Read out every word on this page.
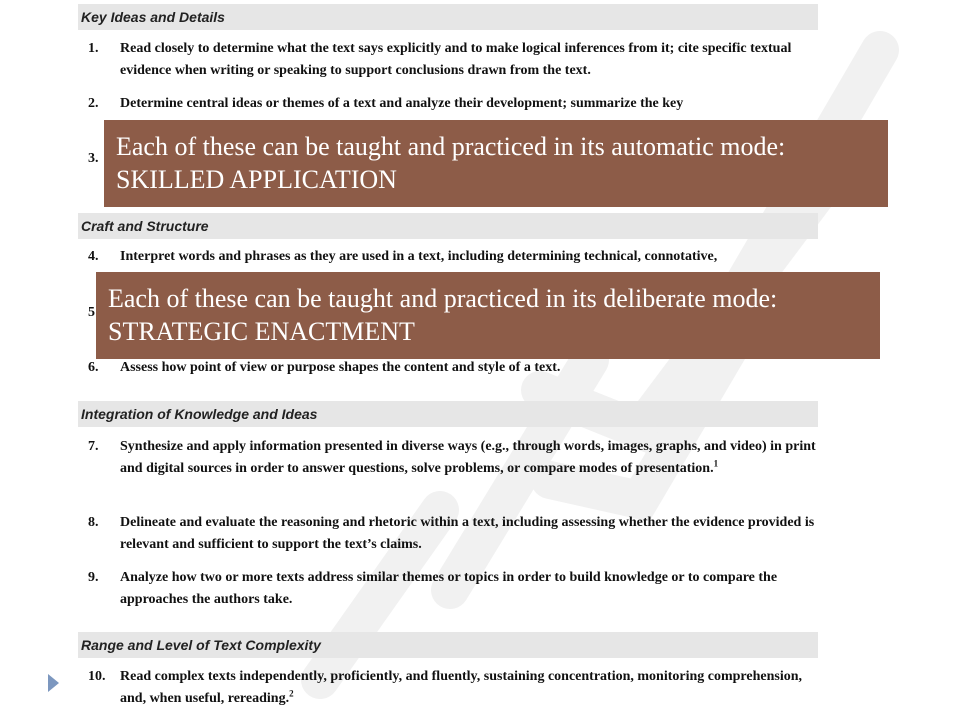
Key Ideas and Details
Craft and Structure
Integration of Knowledge and Ideas
Range and Level of Text Complexity
1.	Read closely to determine what the text says explicitly and to make logical inferences from it; cite specific textual evidence when writing or speaking to support conclusions drawn from the text.
2.	Determine central ideas or themes of a text and analyze their development; summarize the key
3.
4.	Interpret words and phrases as they are used in a text, including determining technical, connotative,
5
6.	Assess how point of view or purpose shapes the content and style of a text.
7.	Synthesize and apply information presented in diverse ways (e.g., through words, images, graphs, and video) in print and digital sources in order to answer questions, solve problems, or compare modes of presentation.$^1$
8.	Delineate and evaluate the reasoning and rhetoric within a text, including assessing whether the evidence provided is relevant and sufficient to support the text’s claims.
9.	Analyze how two or more texts address similar themes or topics in order to build knowledge or to compare the approaches the authors take.
10.	Read complex texts independently, proficiently, and fluently, sustaining concentration, monitoring comprehension, and, when useful, rereading.$^2$
Each of these can be taught and practiced in its automatic mode: SKILLED APPLICATION
Each of these can be taught and practiced in its deliberate mode: STRATEGIC ENACTMENT
